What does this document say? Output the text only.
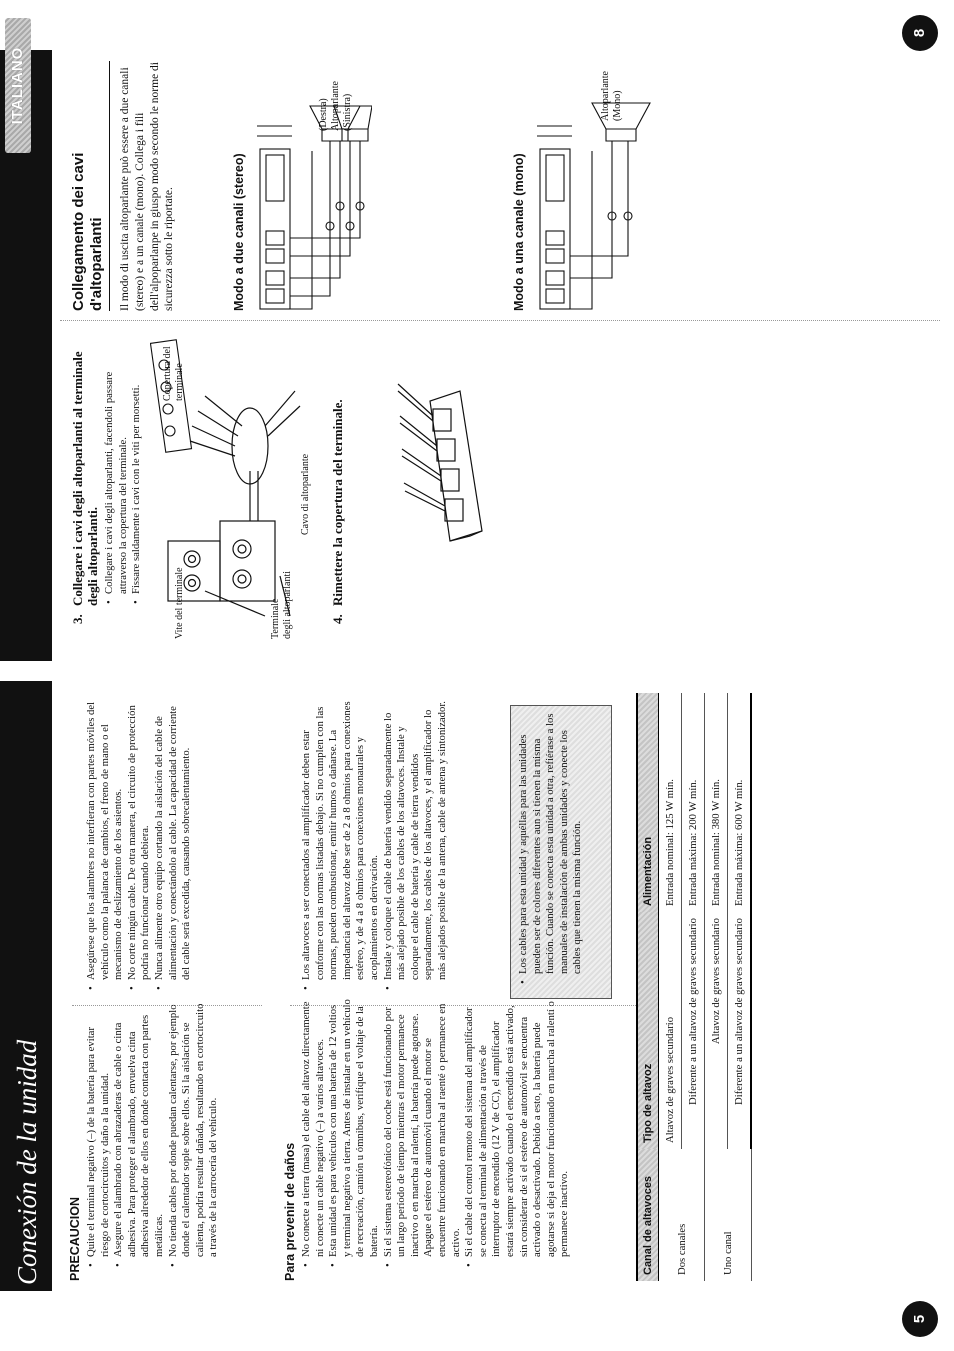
Conexión de la unidad
ITALIANO
5
8
PRECAUCION • Quite el terminal negativo (–) de la batería para evitar riesgo de cortocircuitos y daño a la unidad. • Asegure el alambrado con abrazaderas de cable o cinta adhesiva. Para proteger el alambrado, envuelva cinta adhesiva alrededor de ellos en donde contacta con partes metálicas. • No tienda cables por donde puedan calentarse, por ejemplo donde el calentador sople sobre ellos. Si la aislación se calienta, podría resultar dañada, resultando en cortocircuito a través de la carrocería del vehículo.
• Asegúrese que los alambres no interfieran con partes móviles del vehículo como la palanca de cambios, el freno de mano o el mecanismo de deslizamiento de los asientos. • No corte ningún cable. De otra manera, el circuito de protección podría no funcionar cuando debiera. • Nunca alimente otro equipo cortando la aislación del cable de alimentación y conectándolo al cable. La capacidad de corriente del cable será excedida, causando sobrecalentamiento.
Para prevenir de daños • No conecte a tierra (masa) el cable del altavoz directamente ni conecte un cable negativo (–) a varios altavoces. • Esta unidad es para vehículos con una batería de 12 voltios y terminal negativo a tierra. Antes de instalar en un vehículo de recreación, camión u ómnibus, verifique el voltaje de la batería. • Si el sistema estereofónico del coche está funcionando por un largo período de tiempo mientras el motor permanece inactivo o en marcha al ralentí, la batería puede agotarse. Apague el estéreo de automóvil cuando el motor se encuentre funcionando en marcha al raenté o permanece en activo. • Si el cable del control remoto del sistema del amplificador se conecta al terminal de alimentación a través de interruptor de encendido (12 V de CC), el amplificador estará siempre activado cuando el encendido está activado, sin considerar de si el estéreo de automóvil se encuentra activado o desactivado. Debido a esto, la batería puede agotarse si deja el motor funcionando en marcha al ralentí o permanece inactivo.
• Los altavoces a ser conectados al amplificador deben estar conforme con las normas listadas debajo. Si no cumplen con las normas, pueden combustionar, emitir humos o dañarse. La impedancia del altavoz debe ser de 2 a 8 ohmios para conexiones estéreo, y de 4 a 8 ohmios para conexiones monaurales y acoplamientos en derivación. • Instale y coloque el cable de batería vendido separadamente lo más alejado posible de los cables de los altavoces. Instale y coloque el cable de batería y cable de tierra vendidos separadamente, los cables de los altavoces, y el amplificador lo más alejados posible de la antena, cable de antena y sintonizador.	• Los cables para esta unidad y aquéllas para las unidades pueden ser de colores diferentes aun si tienen la misma función. Cuando se conecta esta unidad a otra, refiérase a los manuales de instalación de ambas unidades y conecte los cables que tienen la misma función.
Canal de altavoces	Tipo de altavoz	Alimentación
Dos canales	Altavoz de graves secundario	Entrada nominal: 125 W mín.
	Diferente a un altavoz de graves secundario	Entrada máxima: 200 W mín.
Uno canal	Altavoz de graves secundario	Entrada nominal: 380 W mín.
	Diferente a un altavoz de graves secundario	Entrada máxima: 600 W mín.
3.
Collegare i cavi degli altoparlanti al terminale degli altoparlanti. • Collegare i cavi degli altoparlanti, facendoli passare attraverso la copertura del terminale. • Fissare saldamente i cavi con le viti per morsetti.
Vite del terminale	Terminale degli altoparlanti
Cavo di altoparlante
Copertura del terminale
4.
Rimettere la copertura del terminale.
Collegamento dei cavi d'altoparlanti Il modo di uscita altoparlante può essere a due canali (stereo) e a un canale (mono). Collega i fili dell'alpoparlanpe in giuspo modo secondo le norme di sicurezza sotto le riportate.	Modo a due canali (stereo)
(Destra) Altoparlante (Sinistra)
Modo a una canale (mono)
Altoparlante (Mono)
